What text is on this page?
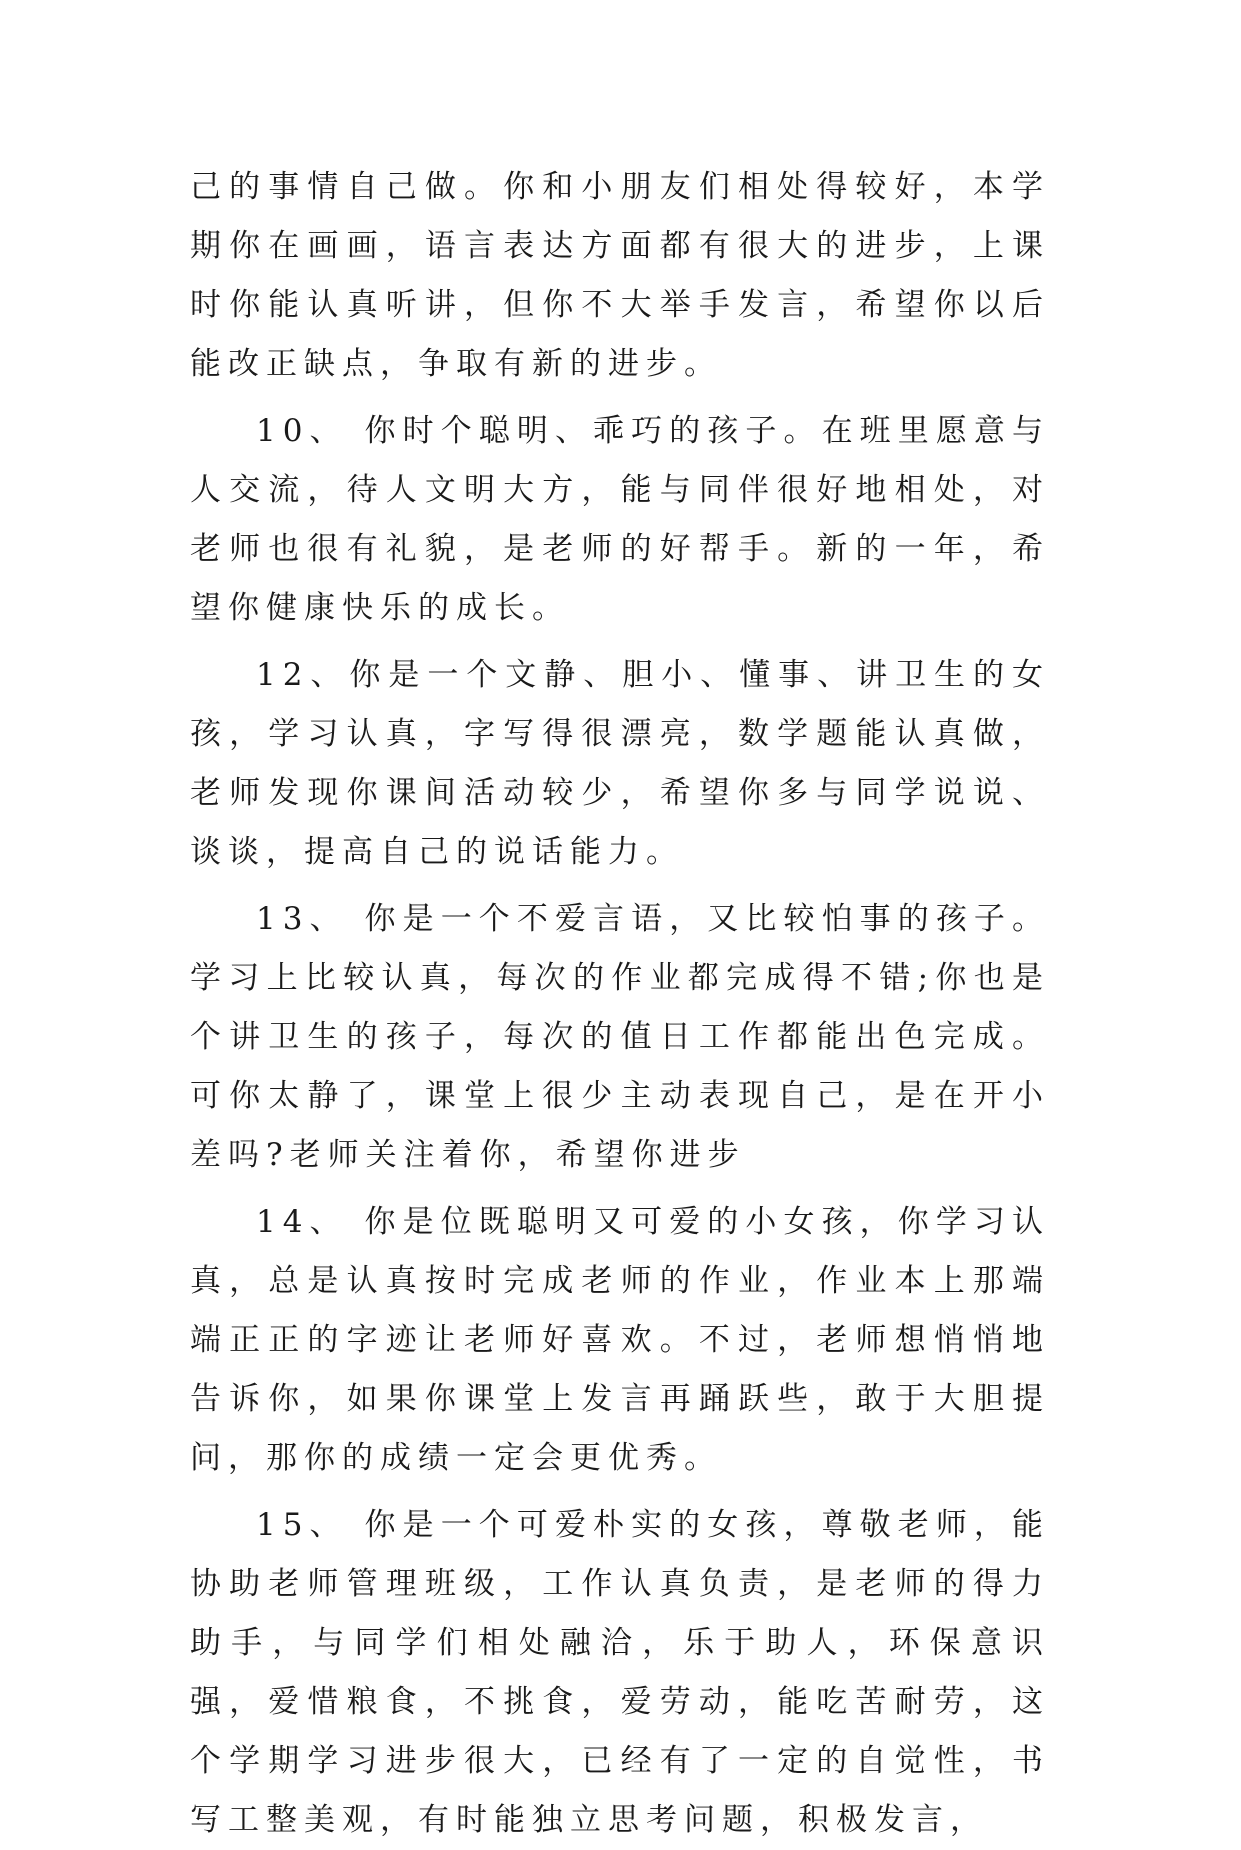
己的事情自己做。你和小朋友们相处得较好，本学期你在画画，语言表达方面都有很大的进步，上课时你能认真听讲，但你不大举手发言，希望你以后能改正缺点，争取有新的进步。

10、 你时个聪明、乖巧的孩子。在班里愿意与人交流，待人文明大方，能与同伴很好地相处，对老师也很有礼貌，是老师的好帮手。新的一年，希望你健康快乐的成长。

12、你是一个文静、胆小、懂事、讲卫生的女孩，学习认真，字写得很漂亮，数学题能认真做，老师发现你课间活动较少，希望你多与同学说说、谈谈，提高自己的说话能力。

13、 你是一个不爱言语，又比较怕事的孩子。学习上比较认真，每次的作业都完成得不错;你也是个讲卫生的孩子，每次的值日工作都能出色完成。可你太静了，课堂上很少主动表现自己，是在开小差吗?老师关注着你，希望你进步

14、 你是位既聪明又可爱的小女孩，你学习认真，总是认真按时完成老师的作业，作业本上那端端正正的字迹让老师好喜欢。不过，老师想悄悄地告诉你，如果你课堂上发言再踊跃些，敢于大胆提问，那你的成绩一定会更优秀。

15、 你是一个可爱朴实的女孩，尊敬老师，能协助老师管理班级，工作认真负责，是老师的得力助手，与同学们相处融洽，乐于助人，环保意识强，爱惜粮食，不挑食，爱劳动，能吃苦耐劳，这个学期学习进步很大，已经有了一定的自觉性，书写工整美观，有时能独立思考问题，积极发言，
